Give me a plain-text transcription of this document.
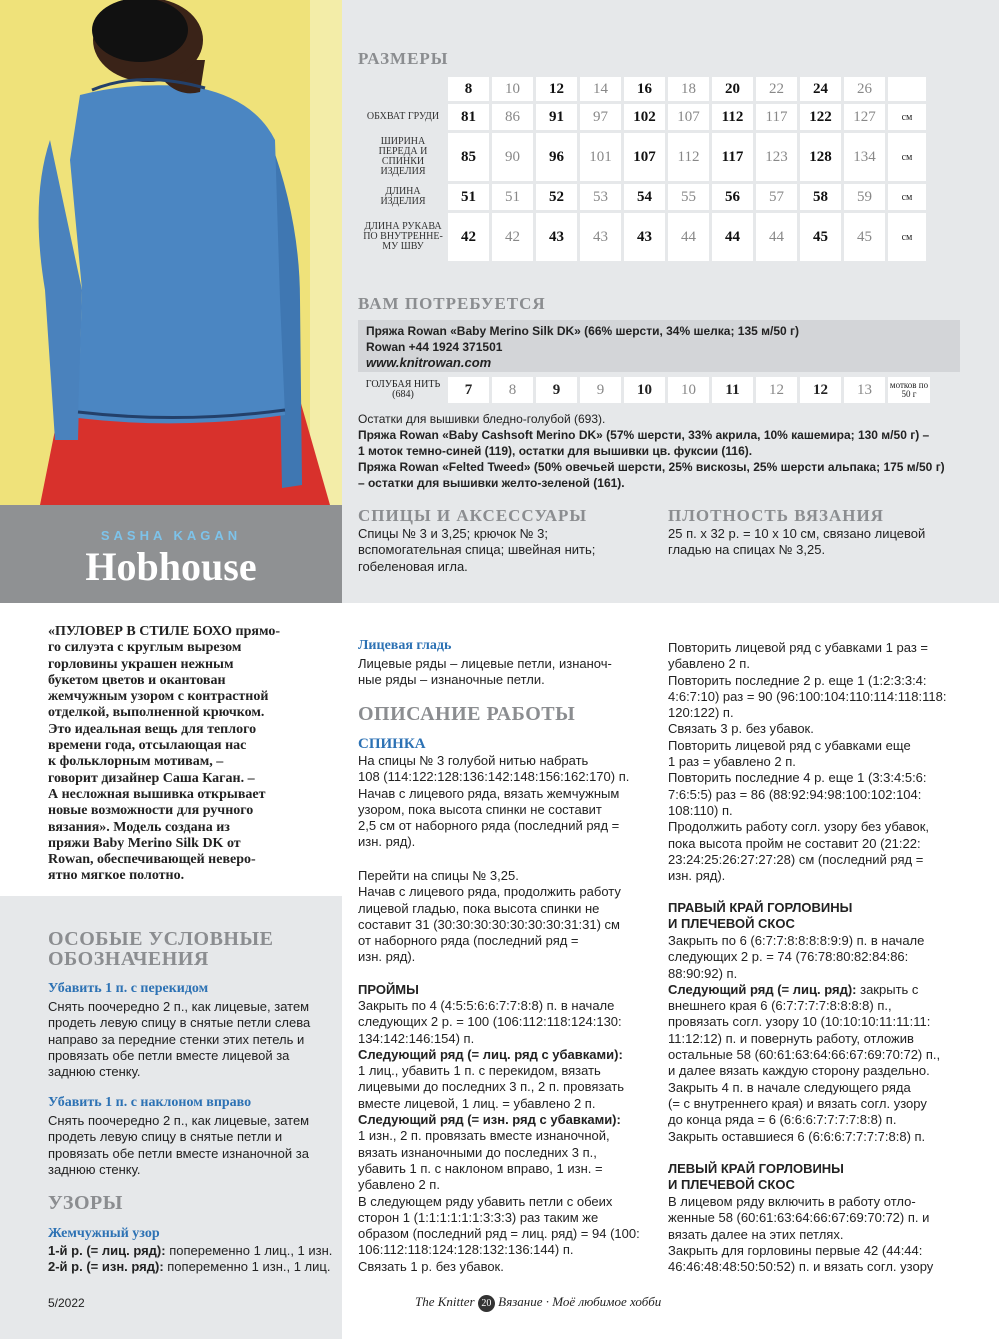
SASHA KAGAN
Hobhouse
РАЗМЕРЫ
	8	10	12	14	16	18	20	22	24	26	
ОБХВАТ ГРУДИ	81	86	91	97	102	107	112	117	122	127	см
ШИРИНА ПЕРЕДА И СПИНКИ ИЗДЕЛИЯ	85	90	96	101	107	112	117	123	128	134	см
ДЛИНА ИЗДЕЛИЯ	51	51	52	53	54	55	56	57	58	59	см
ДЛИНА РУКАВА ПО ВНУТРЕННЕ-МУ ШВУ	42	42	43	43	43	44	44	44	45	45	см
ВАМ ПОТРЕБУЕТСЯ
Пряжа Rowan «Baby Merino Silk DK» (66% шерсти, 34% шелка; 135 м/50 г)
Rowan +44 1924 371501
www.knitrowan.com
ГОЛУБАЯ НИТЬ (684)	7	8	9	9	10	10	11	12	12	13	мотков по 50 г
Остатки для вышивки бледно-голубой (693).
Пряжа Rowan «Baby Cashsoft Merino DK» (57% шерсти, 33% акрила, 10% кашемира; 130 м/50 г) –
1 моток темно-синей (119), остатки для вышивки цв. фуксии (116).
Пряжа Rowan «Felted Tweed» (50% овечьей шерсти, 25% вискозы, 25% шерсти альпака; 175 м/50 г)
– остатки для вышивки желто-зеленой (161).
СПИЦЫ И АКСЕССУАРЫ
Спицы № 3 и 3,25; крючок № 3;
вспомогательная спица; швейная нить;
гобеленовая игла.
ПЛОТНОСТЬ ВЯЗАНИЯ
25 п. х 32 р. = 10 х 10 см, связано лицевой
гладью на спицах № 3,25.
«ПУЛОВЕР В СТИЛЕ БОХО прямо-
го силуэта с круглым вырезом
горловины украшен нежным
букетом цветов и окантован
жемчужным узором с контрастной
отделкой, выполненной крючком.
Это идеальная вещь для теплого
времени года, отсылающая нас
к фольклорным мотивам, –
говорит дизайнер Саша Каган. –
А несложная вышивка открывает
новые возможности для ручного
вязания». Модель создана из
пряжи Baby Merino Silk DK от
Rowan, обеспечивающей неверо-
ятно мягкое полотно.
ОСОБЫЕ УСЛОВНЫЕ
ОБОЗНАЧЕНИЯ
Убавить 1 п. с перекидом
Снять поочередно 2 п., как лицевые, затем
продеть левую спицу в снятые петли слева
направо за передние стенки этих петель и
провязать обе петли вместе лицевой за
заднюю стенку.
Убавить 1 п. с наклоном вправо
Снять поочередно 2 п., как лицевые, затем
продеть левую спицу в снятые петли и
провязать обе петли вместе изнаночной за
заднюю стенку.
УЗОРЫ
Жемчужный узор
1-й р. (= лиц. ряд): попеременно 1 лиц., 1 изн.
2-й р. (= изн. ряд): попеременно 1 изн., 1 лиц.
Лицевая гладь
Лицевые ряды – лицевые петли, изнаноч-
ные ряды – изнаночные петли.
ОПИСАНИЕ РАБОТЫ
СПИНКА
На спицы № 3 голубой нитью набрать
108 (114:122:128:136:142:148:156:162:170) п.
Начав с лицевого ряда, вязать жемчужным
узором, пока высота спинки не составит
2,5 см от наборного ряда (последний ряд =
изн. ряд).
Перейти на спицы № 3,25.
Начав с лицевого ряда, продолжить работу
лицевой гладью, пока высота спинки не
составит 31 (30:30:30:30:30:30:30:31:31) см
от наборного ряда (последний ряд =
изн. ряд).
ПРОЙМЫ
Закрыть по 4 (4:5:5:6:6:7:7:8:8) п. в начале
следующих 2 р. = 100 (106:112:118:124:130:
134:142:146:154) п.
Следующий ряд (= лиц. ряд с убавками):
1 лиц., убавить 1 п. с перекидом, вязать
лицевыми до последних 3 п., 2 п. провязать
вместе лицевой, 1 лиц. = убавлено 2 п.
Следующий ряд (= изн. ряд с убавками):
1 изн., 2 п. провязать вместе изнаночной,
вязать изнаночными до последних 3 п.,
убавить 1 п. с наклоном вправо, 1 изн. =
убавлено 2 п.
В следующем ряду убавить петли с обеих
сторон 1 (1:1:1:1:1:1:3:3:3) раз таким же
образом (последний ряд = лиц. ряд) = 94 (100:
106:112:118:124:128:132:136:144) п.
Связать 1 р. без убавок.
Повторить лицевой ряд с убавками 1 раз =
убавлено 2 п.
Повторить последние 2 р. еще 1 (1:2:3:3:4:
4:6:7:10) раз = 90 (96:100:104:110:114:118:118:
120:122) п.
Связать 3 р. без убавок.
Повторить лицевой ряд с убавками еще
1 раз = убавлено 2 п.
Повторить последние 4 р. еще 1 (3:3:4:5:6:
7:6:5:5) раз = 86 (88:92:94:98:100:102:104:
108:110) п.
Продолжить работу согл. узору без убавок,
пока высота пройм не составит 20 (21:22:
23:24:25:26:27:27:28) см (последний ряд =
изн. ряд).
ПРАВЫЙ КРАЙ ГОРЛОВИНЫ
И ПЛЕЧЕВОЙ СКОС
Закрыть по 6 (6:7:7:8:8:8:8:9:9) п. в начале
следующих 2 р. = 74 (76:78:80:82:84:86:
88:90:92) п.
Следующий ряд (= лиц. ряд): закрыть с
внешнего края 6 (6:7:7:7:7:8:8:8:8) п.,
провязать согл. узору 10 (10:10:10:11:11:11:
11:12:12) п. и повернуть работу, отложив
остальные 58 (60:61:63:64:66:67:69:70:72) п.,
и далее вязать каждую сторону раздельно.
Закрыть 4 п. в начале следующего ряда
(= с внутреннего края) и вязать согл. узору
до конца ряда = 6 (6:6:6:7:7:7:7:8:8) п.
Закрыть оставшиеся 6 (6:6:6:7:7:7:7:8:8) п.
ЛЕВЫЙ КРАЙ ГОРЛОВИНЫ
И ПЛЕЧЕВОЙ СКОС
В лицевом ряду включить в работу отло-
женные 58 (60:61:63:64:66:67:69:70:72) п. и
вязать далее на этих петлях.
Закрыть для горловины первые 42 (44:44:
46:46:48:48:50:50:52) п. и вязать согл. узору
5/2022	The Knitter 20 Вязание · Моё любимое хобби
